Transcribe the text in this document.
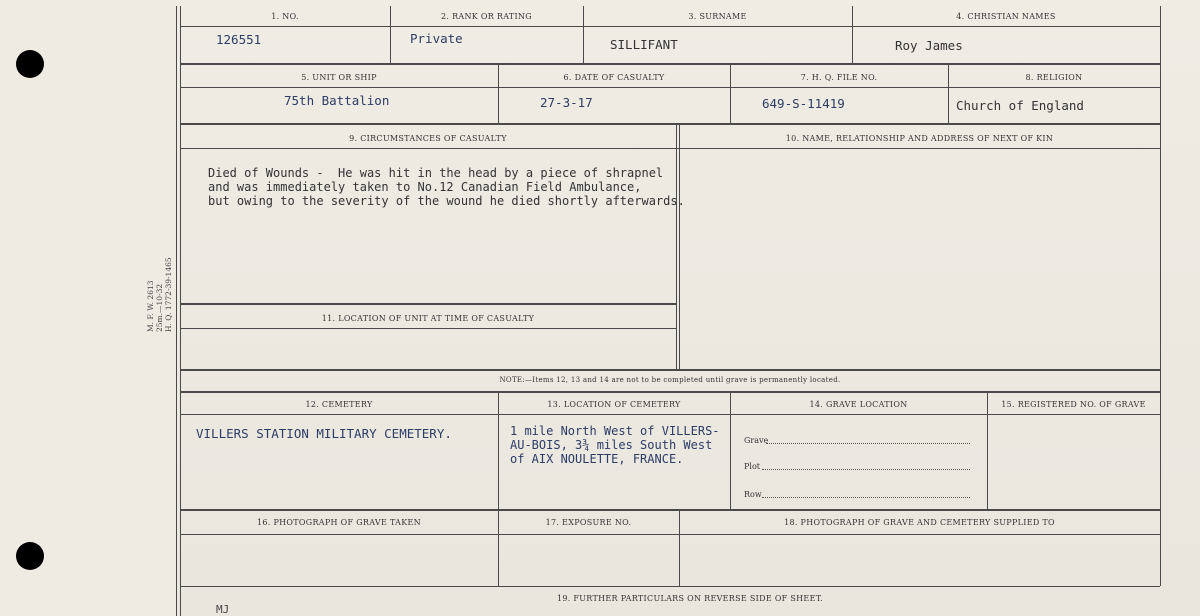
M. F. W. 2613 25m.—10-32 H. Q. 1772-39-1465
1. NO.	2. RANK OR RATING	3. SURNAME	4. CHRISTIAN NAMES
126551	Private	SILLIFANT	Roy James
5. UNIT OR SHIP	6. DATE OF CASUALTY	7. H. Q. FILE NO.	8. RELIGION
75th Battalion	27-3-17	649-S-11419	Church of England
9. CIRCUMSTANCES OF CASUALTY	10. NAME, RELATIONSHIP AND ADDRESS OF NEXT OF KIN
Died of Wounds -  He was hit in the head by a piece of shrapnel
and was immediately taken to No.12 Canadian Field Ambulance,
but owing to the severity of the wound he died shortly afterwards.
11. LOCATION OF UNIT AT TIME OF CASUALTY
NOTE:—Items 12, 13 and 14 are not to be completed until grave is permanently located.
12. CEMETERY	13. LOCATION OF CEMETERY	14. GRAVE LOCATION	15. REGISTERED NO. OF GRAVE
VILLERS STATION MILITARY CEMETERY.	1 mile North West of VILLERS-
AU-BOIS, 3¾ miles South West
of AIX NOULETTE, FRANCE.
Grave
Plot
Row
16. PHOTOGRAPH OF GRAVE TAKEN	17. EXPOSURE NO.	18. PHOTOGRAPH OF GRAVE AND CEMETERY SUPPLIED TO
19. FURTHER PARTICULARS ON REVERSE SIDE OF SHEET.
MJ
